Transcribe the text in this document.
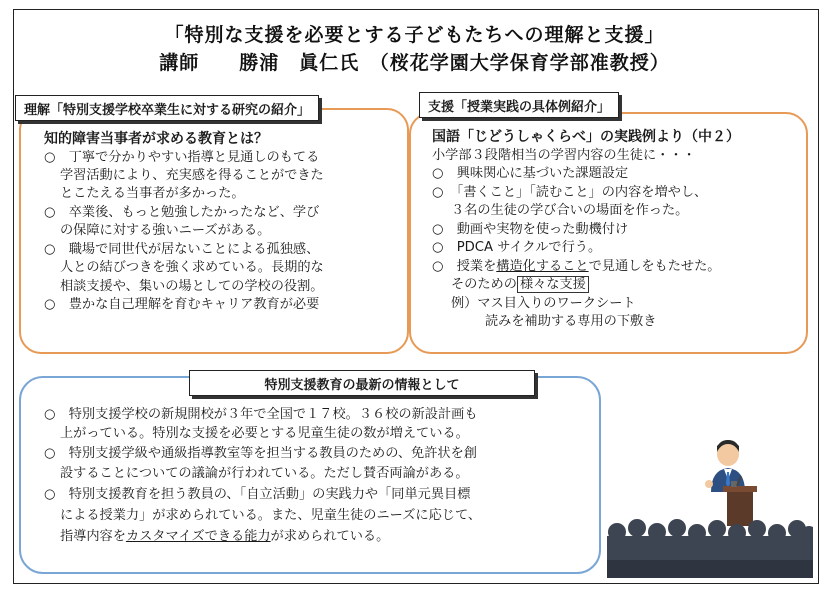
「特別な支援を必要とする子どもたちへの理解と支援」
講師　　勝浦　眞仁氏　（桜花学園大学保育学部准教授）
理解「特別支援学校卒業生に対する研究の紹介」
知的障害当事者が求める教育とは？
○　丁寧で分かりやすい指導と見通しのもてる
学習活動により、充実感を得ることができた
とこたえる当事者が多かった。
○　卒業後、もっと勉強したかったなど、学び
の保障に対する強いニーズがある。
○　職場で同世代が居ないことによる孤独感、
人との結びつきを強く求めている。長期的な
相談支援や、集いの場としての学校の役割。
○　豊かな自己理解を育むキャリア教育が必要
支援「授業実践の具体例紹介」
国語「じどうしゃくらべ」の実践例より（中２）
小学部３段階相当の学習内容の生徒に・・・
○　興味関心に基づいた課題設定
○　「書くこと」「読むこと」の内容を増やし、
３名の生徒の学び合いの場面を作った。
○　動画や実物を使った動機付け
○　PDCA サイクルで行う。
○　授業を構造化することで見通しをもたせた。
そのための 様々な支援
例）マス目入りのワークシート
読みを補助する専用の下敷き
特別支援教育の最新の情報として
○　特別支援学校の新規開校が３年で全国で１７校。３６校の新設計画も
上がっている。特別な支援を必要とする児童生徒の数が増えている。
○　特別支援学級や通級指導教室等を担当する教員のための、免許状を創
設することについての議論が行われている。ただし賛否両論がある。
○　特別支援教育を担う教員の、「自立活動」の実践力や「同単元異目標
による授業力」が求められている。また、児童生徒のニーズに応じて、
指導内容をカスタマイズできる能力が求められている。
